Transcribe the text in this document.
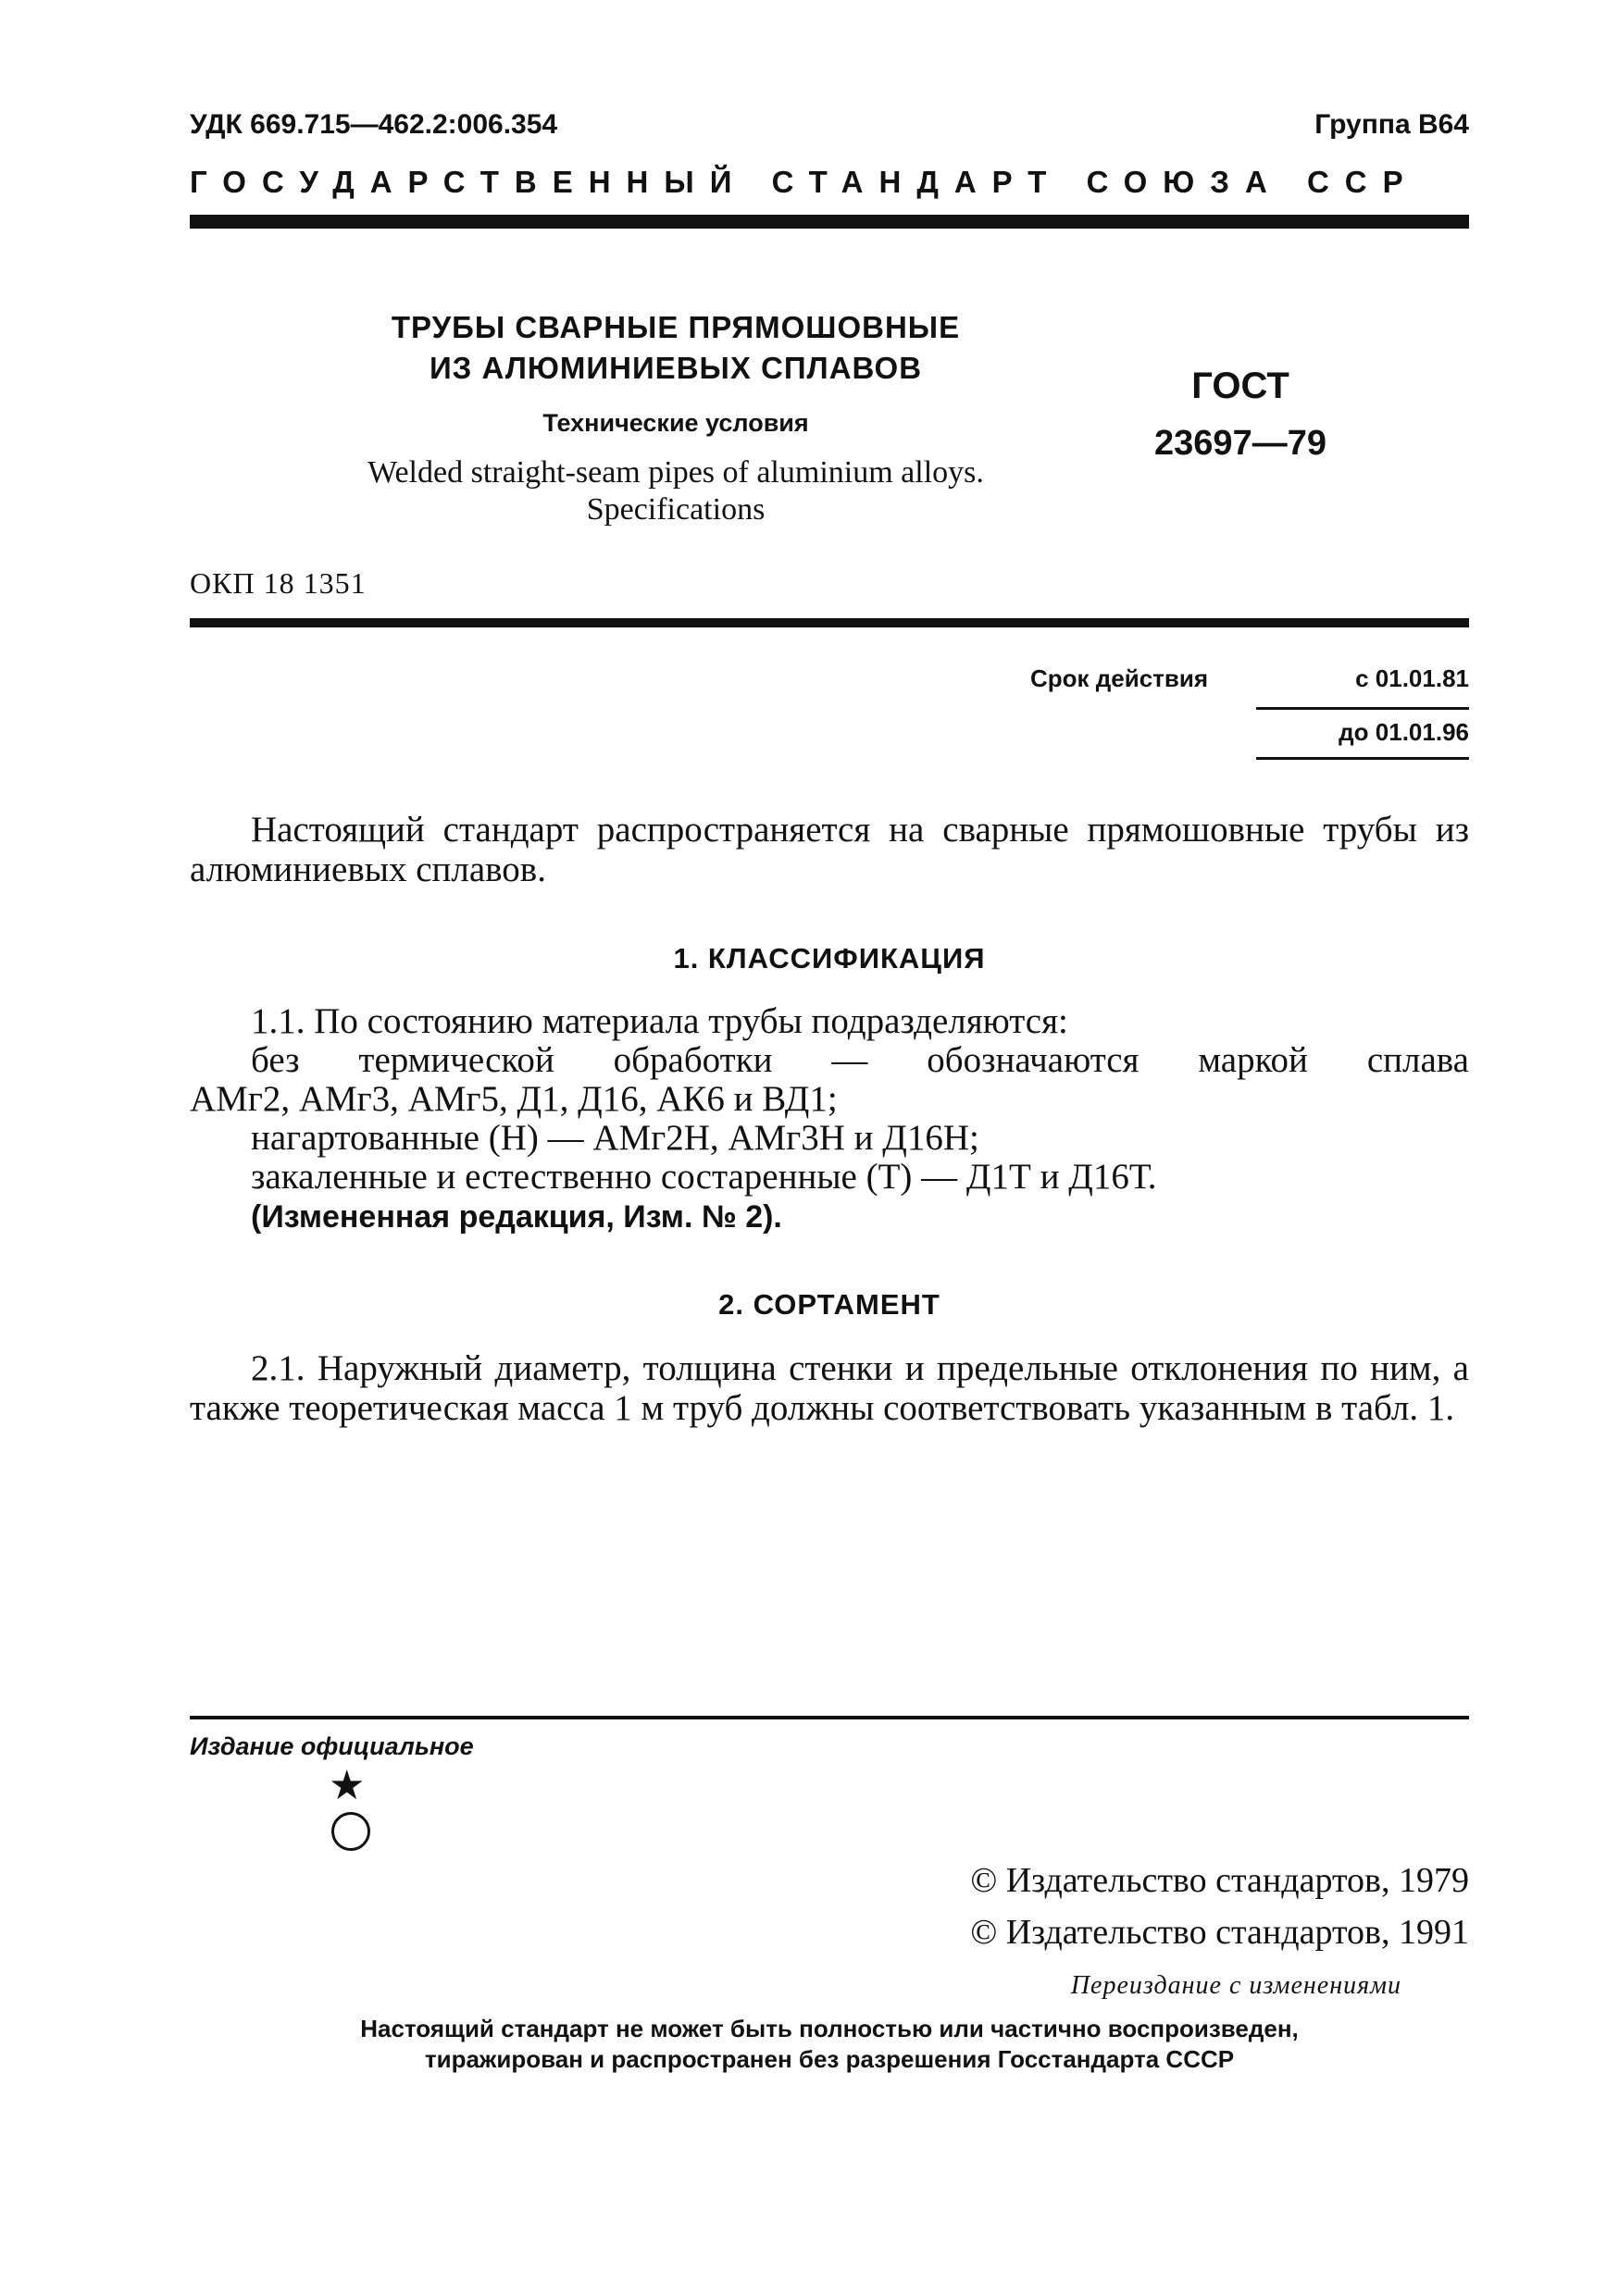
УДК 669.715—462.2:006.354	Группа В64
ГОСУДАРСТВЕННЫЙ СТАНДАРТ СОЮЗА ССР
ТРУБЫ СВАРНЫЕ ПРЯМОШОВНЫЕ
ИЗ АЛЮМИНИЕВЫХ СПЛАВОВ
Технические условия
Welded straight-seam pipes of aluminium alloys.
Specifications
ГОСТ
23697—79
ОКП 18 1351
Срок действия	с 01.01.81
до 01.01.96
Настоящий стандарт распространяется на сварные прямошовные трубы из алюминиевых сплавов.
1. КЛАССИФИКАЦИЯ
1.1. По состоянию материала трубы подразделяются:
без термической обработки — обозначаются маркой сплава
АМг2, АМг3, АМг5, Д1, Д16, АК6 и ВД1;
нагартованные (Н) — АМг2Н, АМг3Н и Д16Н;
закаленные и естественно состаренные (Т) — Д1Т и Д16Т.
(Измененная редакция, Изм. № 2).
2. СОРТАМЕНТ
2.1. Наружный диаметр, толщина стенки и предельные отклонения по ним, а также теоретическая масса 1 м труб должны соответствовать указанным в табл. 1.
Издание официальное
★
© Издательство стандартов, 1979
© Издательство стандартов, 1991
Переиздание с изменениями
Настоящий стандарт не может быть полностью или частично воспроизведен,
тиражирован и распространен без разрешения Госстандарта СССР
